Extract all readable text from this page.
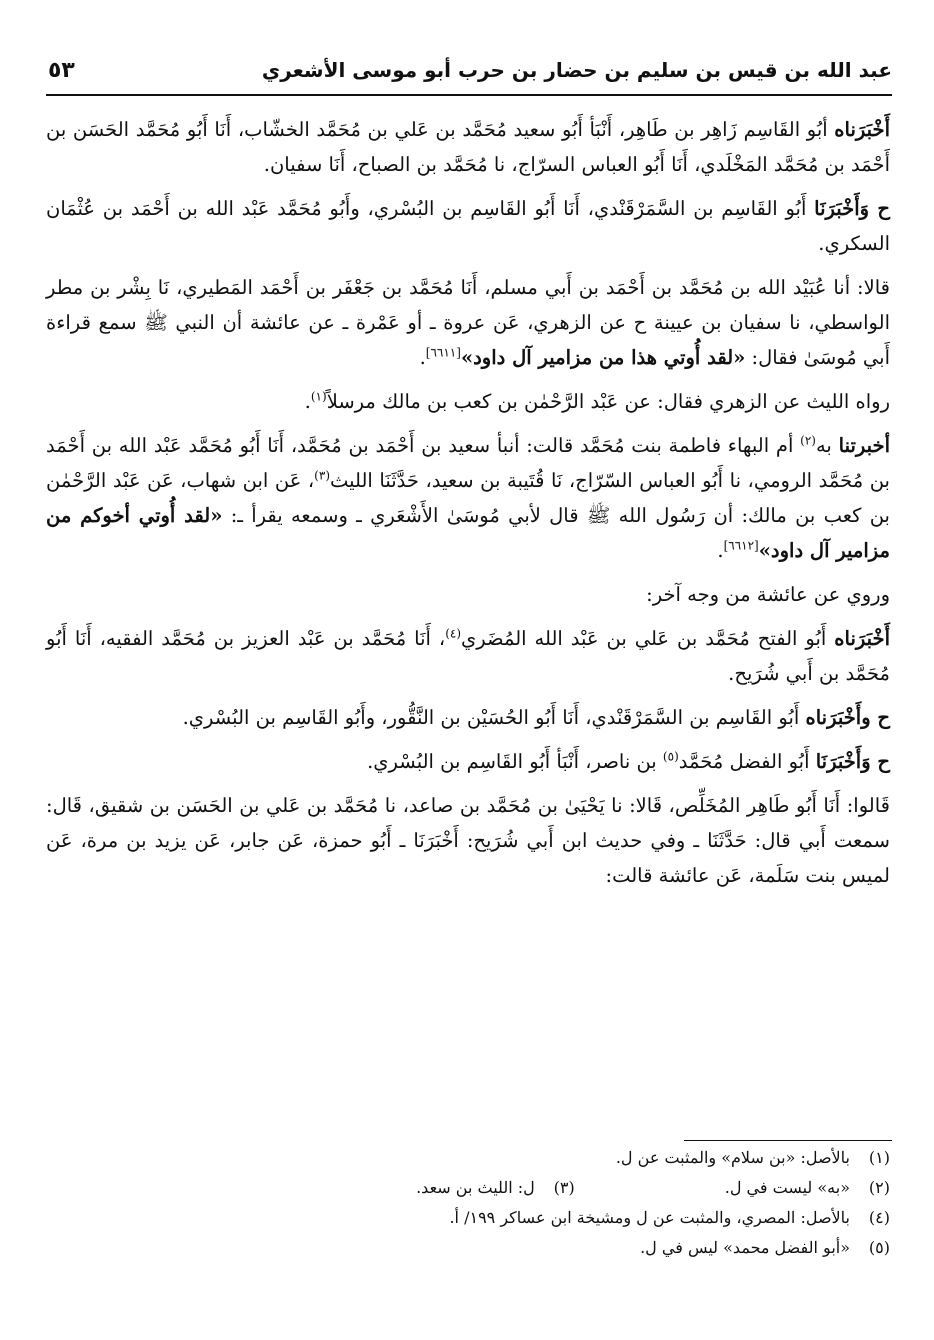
عبد الله بن قيس بن سليم بن حضار بن حرب أبو موسى الأشعري
٥٣

أَخْبَرَناه أبُو القَاسِم زَاهِر بن طَاهِر، أَنْبَأ أَبُو سعيد مُحَمَّد بن عَلي بن مُحَمَّد الخشّاب، أَنَا أَبُو مُحَمَّد الحَسَن بن أَحْمَد بن مُحَمَّد المَخْلَدي، أَنَا أَبُو العباس السرّاج، نا مُحَمَّد بن الصباح، أَنَا سفيان.

ح وَأَخْبَرَنَا أَبُو القَاسِم بن السَّمَرْقَنْدي، أَنَا أَبُو القَاسِم بن البُسْري، وأَبُو مُحَمَّد عَبْد الله بن أَحْمَد بن عُثْمَان السكري.

قالا: أنا عُبَيْد الله بن مُحَمَّد بن أَحْمَد بن أَبي مسلم، أَنَا مُحَمَّد بن جَعْفَر بن أَحْمَد المَطيري، نَا بِشْر بن مطر الواسطي، نا سفيان بن عيينة ح عن الزهري، عَن عروة ـ أو عَمْرة ـ عن عائشة أن النبي ﷺ سمع قراءة أَبي مُوسَىٰ فقال: «لقد أُوتي هذا من مزامير آل داود»[٦٦١١].

رواه الليث عن الزهري فقال: عن عَبْد الرَّحْمٰن بن كعب بن مالك مرسلاً$^{(١)}$.

أخبرتنا به$^{(٢)}$ أم البهاء فاطمة بنت مُحَمَّد قالت: أنبأ سعيد بن أَحْمَد بن مُحَمَّد، أَنَا أَبُو مُحَمَّد عَبْد الله بن أَحْمَد بن مُحَمَّد الرومي، نا أَبُو العباس السّرّاج، نَا قُتَيبة بن سعيد، حَدَّثَنَا الليث$^{(٣)}$، عَن ابن شهاب، عَن عَبْد الرَّحْمٰن بن كعب بن مالك: أن رَسُول الله ﷺ قال لأبي مُوسَىٰ الأَشْعَري ـ وسمعه يقرأ ـ: «لقد أُوتي أخوكم من مزامير آل داود»[٦٦١٢].

وروي عن عائشة من وجه آخر:

أَخْبَرَناه أَبُو الفتح مُحَمَّد بن عَلي بن عَبْد الله المُضَري$^{(٤)}$، أَنَا مُحَمَّد بن عَبْد العزيز بن مُحَمَّد الفقيه، أَنَا أَبُو مُحَمَّد بن أَبي شُرَيح.

ح وأَخْبَرَناه أَبُو القَاسِم بن السَّمَرْقَنْدي، أَنَا أَبُو الحُسَيْن بن النَّقُّور، وأَبُو القَاسِم بن البُسْري.

ح وَأَخْبَرَنَا أَبُو الفضل مُحَمَّد$^{(٥)}$ بن ناصر، أَنْبَأ أَبُو القَاسِم بن البُسْري.

قَالوا: أَنَا أَبُو طَاهِر المُخَلِّص، قَالا: نا يَحْيَىٰ بن مُحَمَّد بن صاعد، نا مُحَمَّد بن عَلي بن الحَسَن بن شقيق، قَال: سمعت أَبي قال: حَدَّثَنَا ـ وفي حديث ابن أَبي شُرَيح: أَخْبَرَنَا ـ أَبُو حمزة، عَن جابر، عَن يزيد بن مرة، عَن لميس بنت سَلَمة، عَن عائشة قالت:

(١)
بالأصل: «بن سلام» والمثبت عن ل.
(٢)
«به» ليست في ل.
(٣)
ل: الليث بن سعد.
(٤)
بالأصل: المصري، والمثبت عن ل ومشيخة ابن عساكر ١٩٩/ أ.
(٥)
«أبو الفضل محمد» ليس في ل.
